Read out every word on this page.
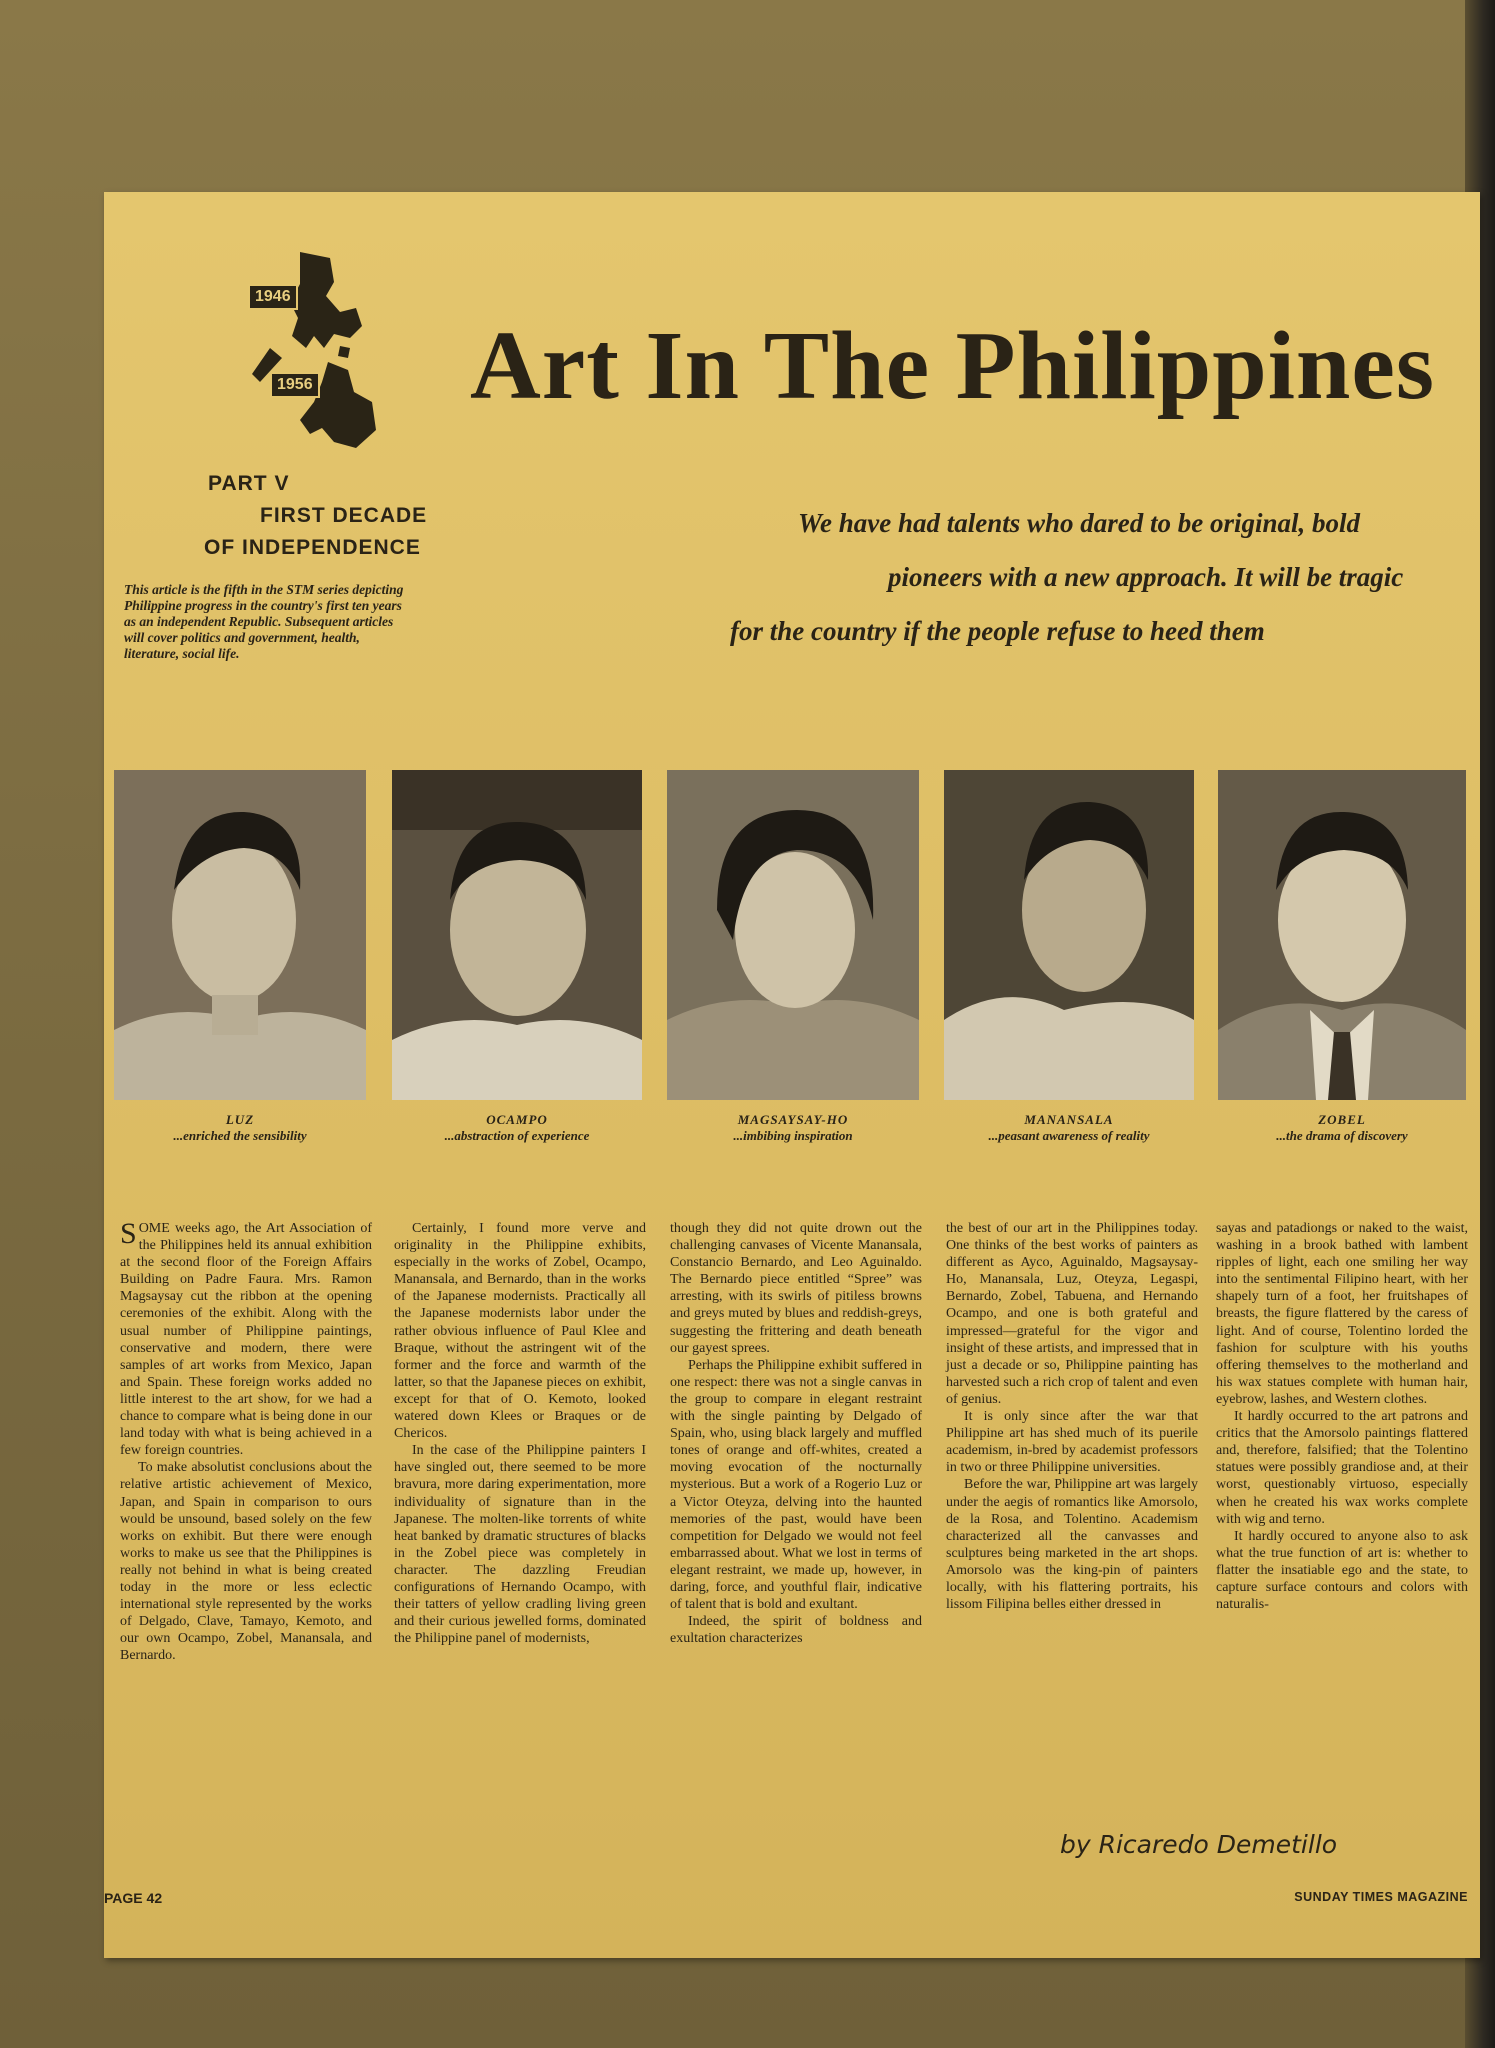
1946
1956 Art In The Philippines
PART V
FIRST DECADE
OF INDEPENDENCE
This article is the fifth in the STM series depicting Philippine progress in the country's first ten years as an independent Republic. Subsequent articles will cover politics and government, health, literature, social life.
We have had talents who dared to be original, bold
pioneers with a new approach. It will be tragic
for the country if the people refuse to heed them
LUZ
...enriched the sensibility
OCAMPO
...abstraction of experience
MAGSAYSAY-HO
...imbibing inspiration
MANANSALA
...peasant awareness of reality
ZOBEL
...the drama of discovery

SOME weeks ago, the Art Association of the Philippines held its annual exhibition at the second floor of the Foreign Affairs Building on Padre Faura. Mrs. Ramon Magsaysay cut the ribbon at the opening ceremonies of the exhibit. Along with the usual number of Philippine paintings, conservative and modern, there were samples of art works from Mexico, Japan and Spain. These foreign works added no little interest to the art show, for we had a chance to compare what is being done in our land today with what is being achieved in a few foreign countries.

To make absolutist conclusions about the relative artistic achievement of Mexico, Japan, and Spain in comparison to ours would be unsound, based solely on the few works on exhibit. But there were enough works to make us see that the Philippines is really not behind in what is being created today in the more or less eclectic international style represented by the works of Delgado, Clave, Tamayo, Kemoto, and our own Ocampo, Zobel, Manansala, and Bernardo.

Certainly, I found more verve and originality in the Philippine exhibits, especially in the works of Zobel, Ocampo, Manansala, and Bernardo, than in the works of the Japanese modernists. Practically all the Japanese modernists labor under the rather obvious influence of Paul Klee and Braque, without the astringent wit of the former and the force and warmth of the latter, so that the Japanese pieces on exhibit, except for that of O. Kemoto, looked watered down Klees or Braques or de Chericos.

In the case of the Philippine painters I have singled out, there seemed to be more bravura, more daring experimentation, more individuality of signature than in the Japanese. The molten-like torrents of white heat banked by dramatic structures of blacks in the Zobel piece was completely in character. The dazzling Freudian configurations of Hernando Ocampo, with their tatters of yellow cradling living green and their curious jewelled forms, dominated the Philippine panel of modernists,

though they did not quite drown out the challenging canvases of Vicente Manansala, Constancio Bernardo, and Leo Aguinaldo. The Bernardo piece entitled “Spree” was arresting, with its swirls of pitiless browns and greys muted by blues and reddish-greys, suggesting the frittering and death beneath our gayest sprees.

Perhaps the Philippine exhibit suffered in one respect: there was not a single canvas in the group to compare in elegant restraint with the single painting by Delgado of Spain, who, using black largely and muffled tones of orange and off-whites, created a moving evocation of the nocturnally mysterious. But a work of a Rogerio Luz or a Victor Oteyza, delving into the haunted memories of the past, would have been competition for Delgado we would not feel embarrassed about. What we lost in terms of elegant restraint, we made up, however, in daring, force, and youthful flair, indicative of talent that is bold and exultant.

Indeed, the spirit of boldness and exultation characterizes

the best of our art in the Philippines today. One thinks of the best works of painters as different as Ayco, Aguinaldo, Magsaysay-Ho, Manansala, Luz, Oteyza, Legaspi, Bernardo, Zobel, Tabuena, and Hernando Ocampo, and one is both grateful and impressed—grateful for the vigor and insight of these artists, and impressed that in just a decade or so, Philippine painting has harvested such a rich crop of talent and even of genius.

It is only since after the war that Philippine art has shed much of its puerile academism, in-bred by academist professors in two or three Philippine universities.

Before the war, Philippine art was largely under the aegis of romantics like Amorsolo, de la Rosa, and Tolentino. Academism characterized all the canvasses and sculptures being marketed in the art shops. Amorsolo was the king-pin of painters locally, with his flattering portraits, his lissom Filipina belles either dressed in

sayas and patadiongs or naked to the waist, washing in a brook bathed with lambent ripples of light, each one smiling her way into the sentimental Filipino heart, with her shapely turn of a foot, her fruitshapes of breasts, the figure flattered by the caress of light. And of course, Tolentino lorded the fashion for sculpture with his youths offering themselves to the motherland and his wax statues complete with human hair, eyebrow, lashes, and Western clothes.

It hardly occurred to the art patrons and critics that the Amorsolo paintings flattered and, therefore, falsified; that the Tolentino statues were possibly grandiose and, at their worst, questionably virtuoso, especially when he created his wax works complete with wig and terno.

It hardly occured to anyone also to ask what the true function of art is: whether to flatter the insatiable ego and the state, to capture surface contours and colors with naturalis-

by Ricaredo Demetillo
PAGE 42	SUNDAY TIMES MAGAZINE
